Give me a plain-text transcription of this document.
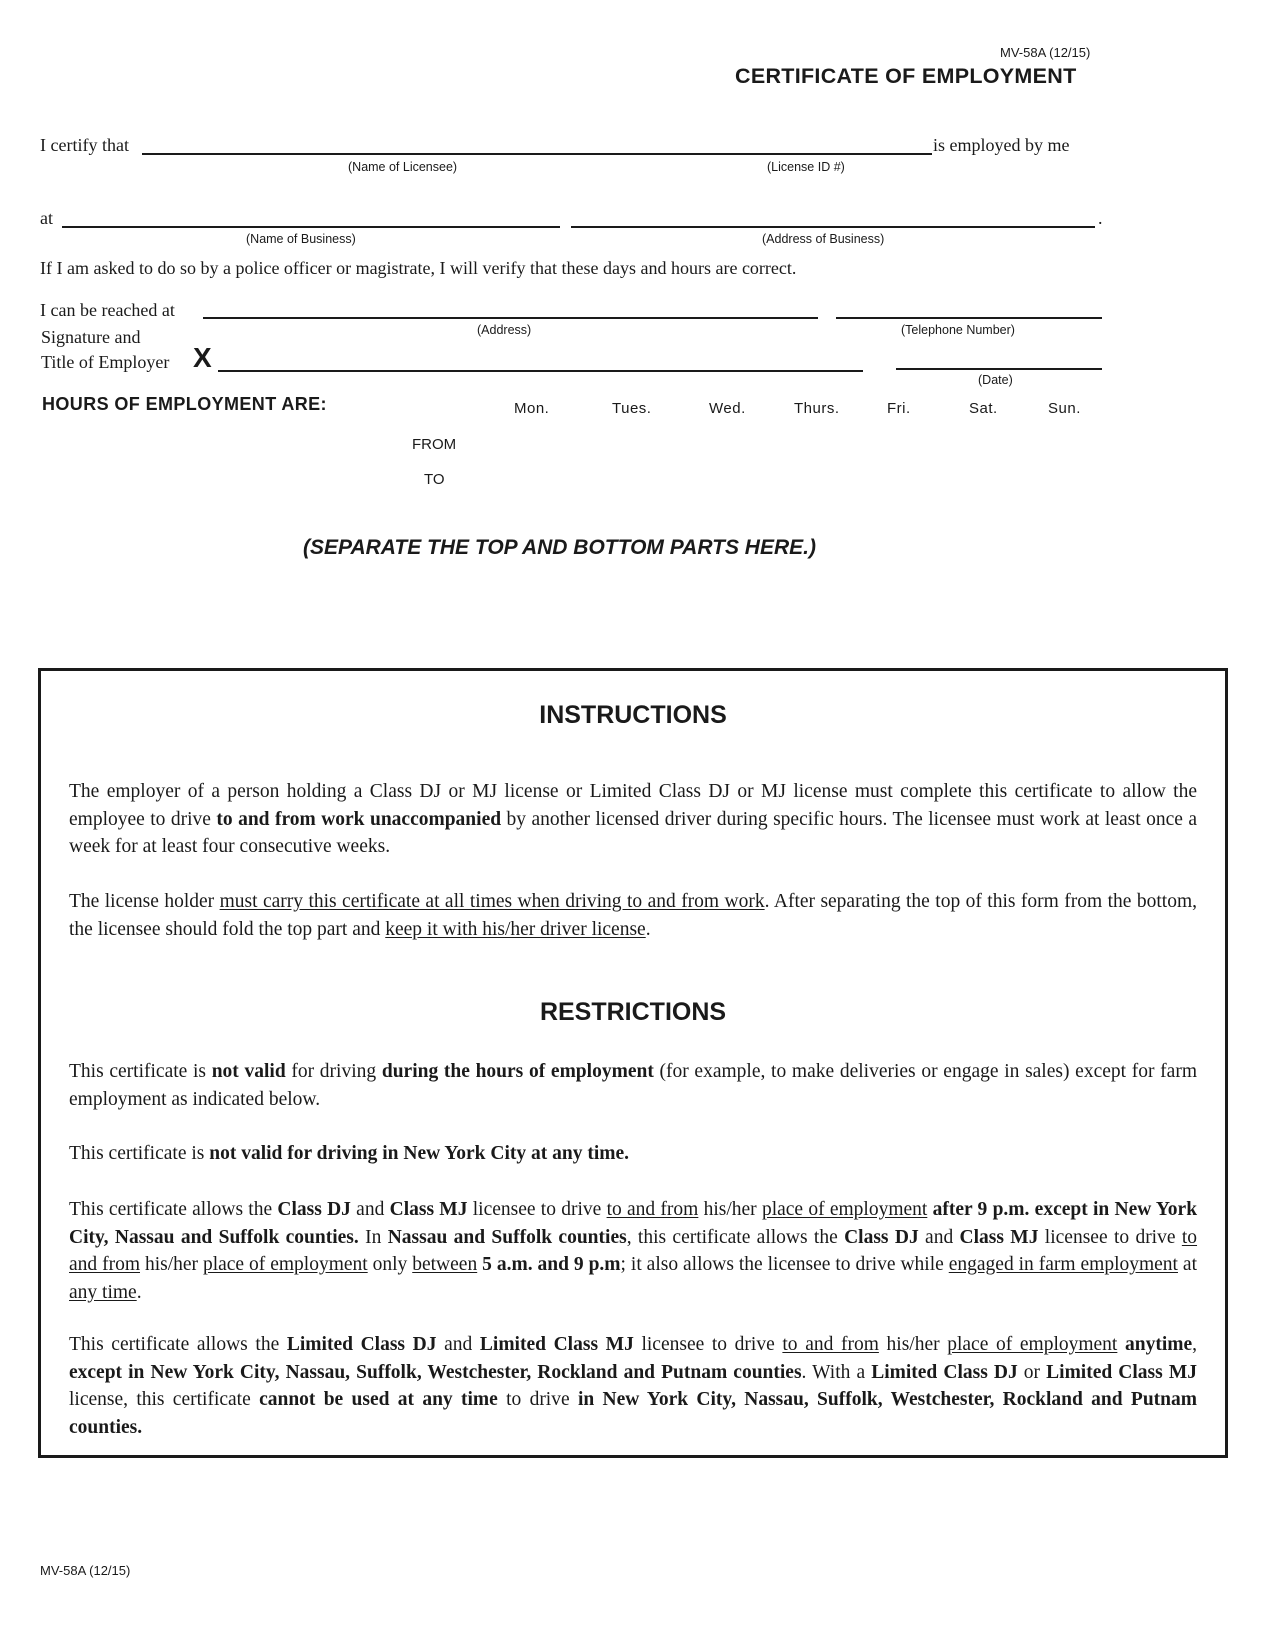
MV-58A (12/15)
CERTIFICATE OF EMPLOYMENT
I certify that	is employed by me
(Name of Licensee)	(License ID #)
at	.
(Name of Business)	(Address of Business)
If I am asked to do so by a police officer or magistrate, I will verify that these days and hours are correct.
I can be reached at
(Address)	(Telephone Number)
Signature and
Title of Employer X
(Date)
HOURS OF EMPLOYMENT ARE:	Mon.	Tues.	Wed.	Thurs.	Fri.	Sat.	Sun.
FROM
TO
(SEPARATE THE TOP AND BOTTOM PARTS HERE.)
INSTRUCTIONS

The employer of a person holding a Class DJ or MJ license or Limited Class DJ or MJ license must complete this certificate to allow the employee to drive to and from work unaccompanied by another licensed driver during specific hours. The licensee must work at least once a week for at least four consecutive weeks.

The license holder must carry this certificate at all times when driving to and from work. After separating the top of this form from the bottom, the licensee should fold the top part and keep it with his/her driver license.

RESTRICTIONS

This certificate is not valid for driving during the hours of employment (for example, to make deliveries or engage in sales) except for farm employment as indicated below.

This certificate is not valid for driving in New York City at any time.

This certificate allows the Class DJ and Class MJ licensee to drive to and from his/her place of employment after 9 p.m. except in New York City, Nassau and Suffolk counties. In Nassau and Suffolk counties, this certificate allows the Class DJ and Class MJ licensee to drive to and from his/her place of employment only between 5 a.m. and 9 p.m; it also allows the licensee to drive while engaged in farm employment at any time.

This certificate allows the Limited Class DJ and Limited Class MJ licensee to drive to and from his/her place of employment anytime, except in New York City, Nassau, Suffolk, Westchester, Rockland and Putnam counties. With a Limited Class DJ or Limited Class MJ license, this certificate cannot be used at any time to drive in New York City, Nassau, Suffolk, Westchester, Rockland and Putnam counties.

MV-58A (12/15)
